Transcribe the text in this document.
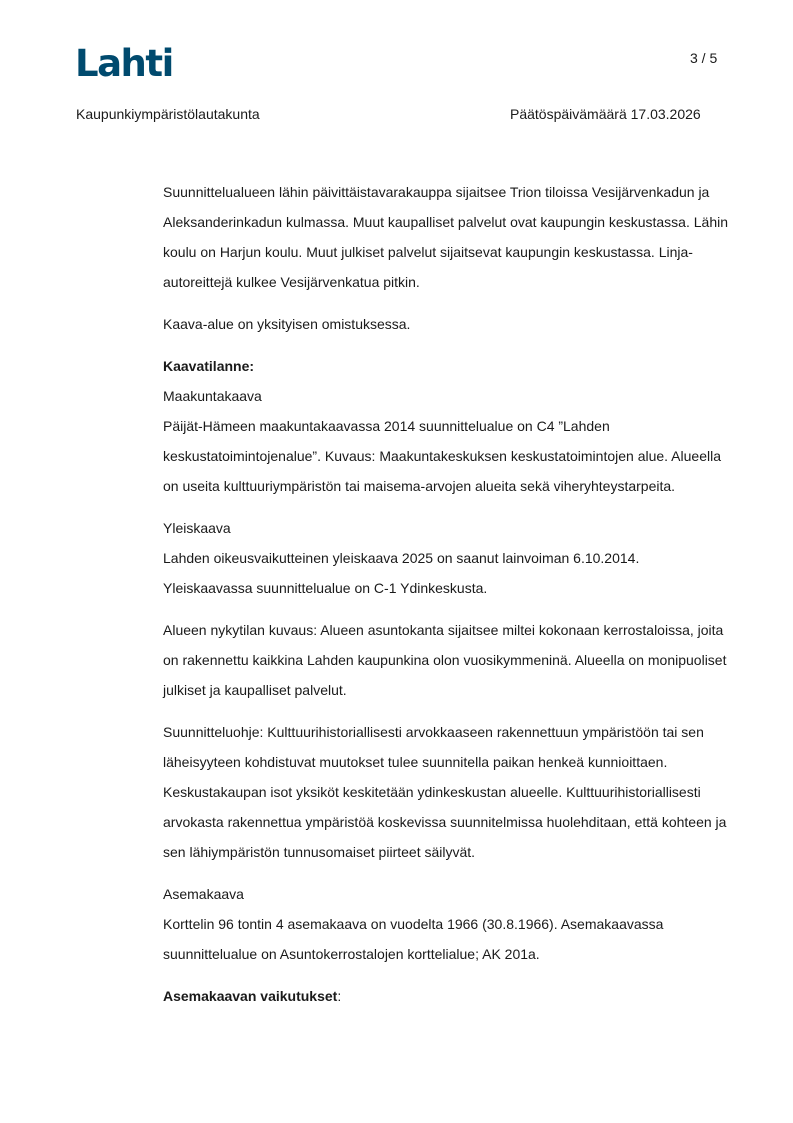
Lahti	3 / 5
Kaupunkiympäristölautakunta	Päätöspäivämäärä 17.03.2026

Suunnittelualueen lähin päivittäistavarakauppa sijaitsee Trion tiloissa Vesijärvenkadun ja Aleksanderinkadun kulmassa. Muut kaupalliset palvelut ovat kaupungin keskustassa. Lähin koulu on Harjun koulu. Muut julkiset palvelut sijaitsevat kaupungin keskustassa. Linja-autoreittejä kulkee Vesijärvenkatua pitkin.

Kaava-alue on yksityisen omistuksessa.

Kaavatilanne:
Maakuntakaava

Päijät-Hämeen maakuntakaavassa 2014 suunnittelualue on C4 ”Lahden keskustatoimintojenalue”. Kuvaus: Maakuntakeskuksen keskustatoimintojen alue. Alueella on useita kulttuuriympäristön tai maisema-arvojen alueita sekä viheryhteystarpeita.

Yleiskaava

Lahden oikeusvaikutteinen yleiskaava 2025 on saanut lainvoiman 6.10.2014. Yleiskaavassa suunnittelualue on C-1 Ydinkeskusta.

Alueen nykytilan kuvaus: Alueen asuntokanta sijaitsee miltei kokonaan kerrostaloissa, joita on rakennettu kaikkina Lahden kaupunkina olon vuosikymmeninä. Alueella on monipuoliset julkiset ja kaupalliset palvelut.

Suunnitteluohje: Kulttuurihistoriallisesti arvokkaaseen rakennettuun ympäristöön tai sen läheisyyteen kohdistuvat muutokset tulee suunnitella paikan henkeä kunnioittaen. Keskustakaupan isot yksiköt keskitetään ydinkeskustan alueelle. Kulttuurihistoriallisesti arvokasta rakennettua ympäristöä koskevissa suunnitelmissa huolehditaan, että kohteen ja sen lähiympäristön tunnusomaiset piirteet säilyvät.

Asemakaava

Korttelin 96 tontin 4 asemakaava on vuodelta 1966 (30.8.1966). Asemakaavassa suunnittelualue on Asuntokerrostalojen korttelialue; AK 201a.

Asemakaavan vaikutukset:
